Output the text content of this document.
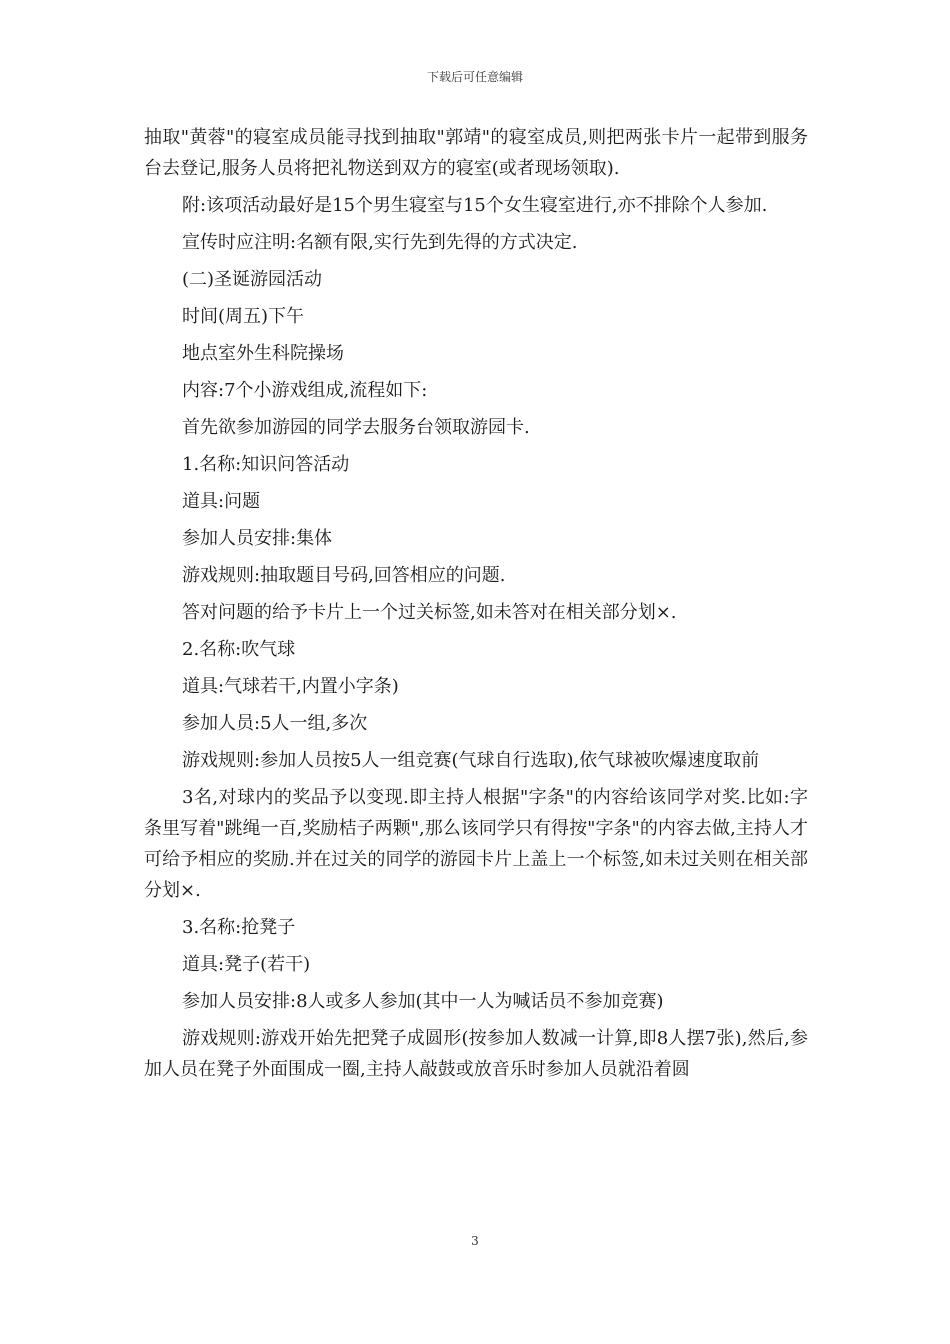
下载后可任意编辑

抽取"黄蓉"的寝室成员能寻找到抽取"郭靖"的寝室成员,则把两张卡片一起带到服务台去登记,服务人员将把礼物送到双方的寝室(或者现场领取).

附:该项活动最好是15个男生寝室与15个女生寝室进行,亦不排除个人参加.

宣传时应注明:名额有限,实行先到先得的方式决定.

(二)圣诞游园活动

时间(周五)下午

地点室外生科院操场

内容:7个小游戏组成,流程如下:

首先欲参加游园的同学去服务台领取游园卡.

1.名称:知识问答活动

道具:问题

参加人员安排:集体

游戏规则:抽取题目号码,回答相应的问题.

答对问题的给予卡片上一个过关标签,如未答对在相关部分划×.

2.名称:吹气球

道具:气球若干,内置小字条)

参加人员:5人一组,多次

游戏规则:参加人员按5人一组竞赛(气球自行选取),依气球被吹爆速度取前

3名,对球内的奖品予以变现.即主持人根据"字条"的内容给该同学对奖.比如:字条里写着"跳绳一百,奖励桔子两颗",那么该同学只有得按"字条"的内容去做,主持人才可给予相应的奖励.并在过关的同学的游园卡片上盖上一个标签,如未过关则在相关部分划×.

3.名称:抢凳子

道具:凳子(若干)

参加人员安排:8人或多人参加(其中一人为喊话员不参加竞赛)

游戏规则:游戏开始先把凳子成圆形(按参加人数减一计算,即8人摆7张),然后,参加人员在凳子外面围成一圈,主持人敲鼓或放音乐时参加人员就沿着圆

3
